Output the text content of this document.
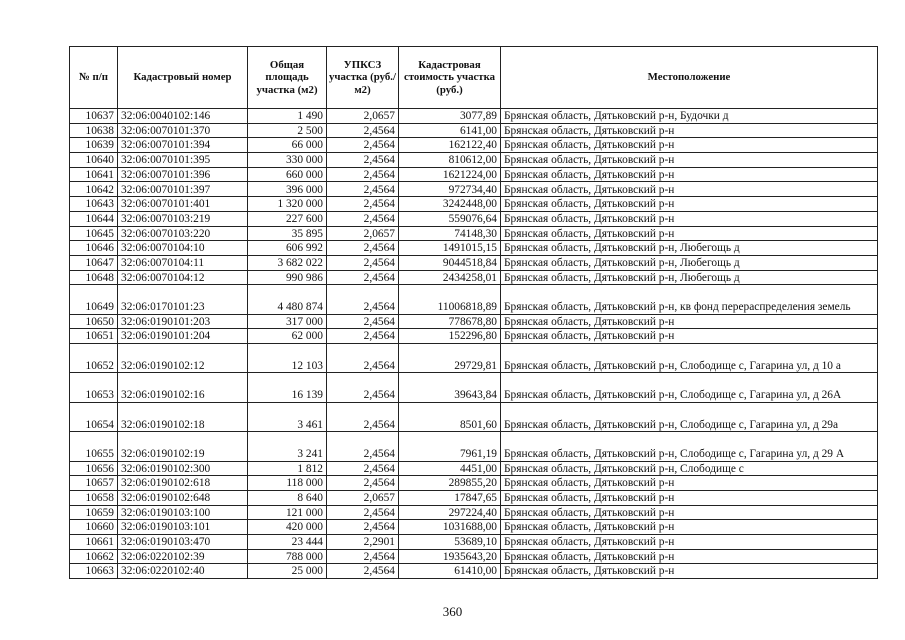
№ п/п	Кадастровый номер	Общая площадь участка (м2)	УПКСЗ участка (руб./м2)	Кадастровая стоимость участка (руб.)	Местоположение
10637	32:06:0040102:146	1 490	2,0657	3077,89	Брянская область, Дятьковский р-н, Будочки д
10638	32:06:0070101:370	2 500	2,4564	6141,00	Брянская область, Дятьковский р-н
10639	32:06:0070101:394	66 000	2,4564	162122,40	Брянская область, Дятьковский р-н
10640	32:06:0070101:395	330 000	2,4564	810612,00	Брянская область, Дятьковский р-н
10641	32:06:0070101:396	660 000	2,4564	1621224,00	Брянская область, Дятьковский р-н
10642	32:06:0070101:397	396 000	2,4564	972734,40	Брянская область, Дятьковский р-н
10643	32:06:0070101:401	1 320 000	2,4564	3242448,00	Брянская область, Дятьковский р-н
10644	32:06:0070103:219	227 600	2,4564	559076,64	Брянская область, Дятьковский р-н
10645	32:06:0070103:220	35 895	2,0657	74148,30	Брянская область, Дятьковский р-н
10646	32:06:0070104:10	606 992	2,4564	1491015,15	Брянская область, Дятьковский р-н, Любегощь д
10647	32:06:0070104:11	3 682 022	2,4564	9044518,84	Брянская область, Дятьковский р-н, Любегощь д
10648	32:06:0070104:12	990 986	2,4564	2434258,01	Брянская область, Дятьковский р-н, Любегощь д
10649	32:06:0170101:23	4 480 874	2,4564	11006818,89	Брянская область, Дятьковский р-н, кв фонд перераспределения земель
10650	32:06:0190101:203	317 000	2,4564	778678,80	Брянская область, Дятьковский р-н
10651	32:06:0190101:204	62 000	2,4564	152296,80	Брянская область, Дятьковский р-н
10652	32:06:0190102:12	12 103	2,4564	29729,81	Брянская область, Дятьковский р-н, Слободище с, Гагарина ул, д 10 а
10653	32:06:0190102:16	16 139	2,4564	39643,84	Брянская область, Дятьковский р-н, Слободище с, Гагарина ул, д 26А
10654	32:06:0190102:18	3 461	2,4564	8501,60	Брянская область, Дятьковский р-н, Слободище с, Гагарина ул, д 29а
10655	32:06:0190102:19	3 241	2,4564	7961,19	Брянская область, Дятьковский р-н, Слободище с, Гагарина ул, д 29 А
10656	32:06:0190102:300	1 812	2,4564	4451,00	Брянская область, Дятьковский р-н, Слободище с
10657	32:06:0190102:618	118 000	2,4564	289855,20	Брянская область, Дятьковский р-н
10658	32:06:0190102:648	8 640	2,0657	17847,65	Брянская область, Дятьковский р-н
10659	32:06:0190103:100	121 000	2,4564	297224,40	Брянская область, Дятьковский р-н
10660	32:06:0190103:101	420 000	2,4564	1031688,00	Брянская область, Дятьковский р-н
10661	32:06:0190103:470	23 444	2,2901	53689,10	Брянская область, Дятьковский р-н
10662	32:06:0220102:39	788 000	2,4564	1935643,20	Брянская область, Дятьковский р-н
10663	32:06:0220102:40	25 000	2,4564	61410,00	Брянская область, Дятьковский р-н
360
